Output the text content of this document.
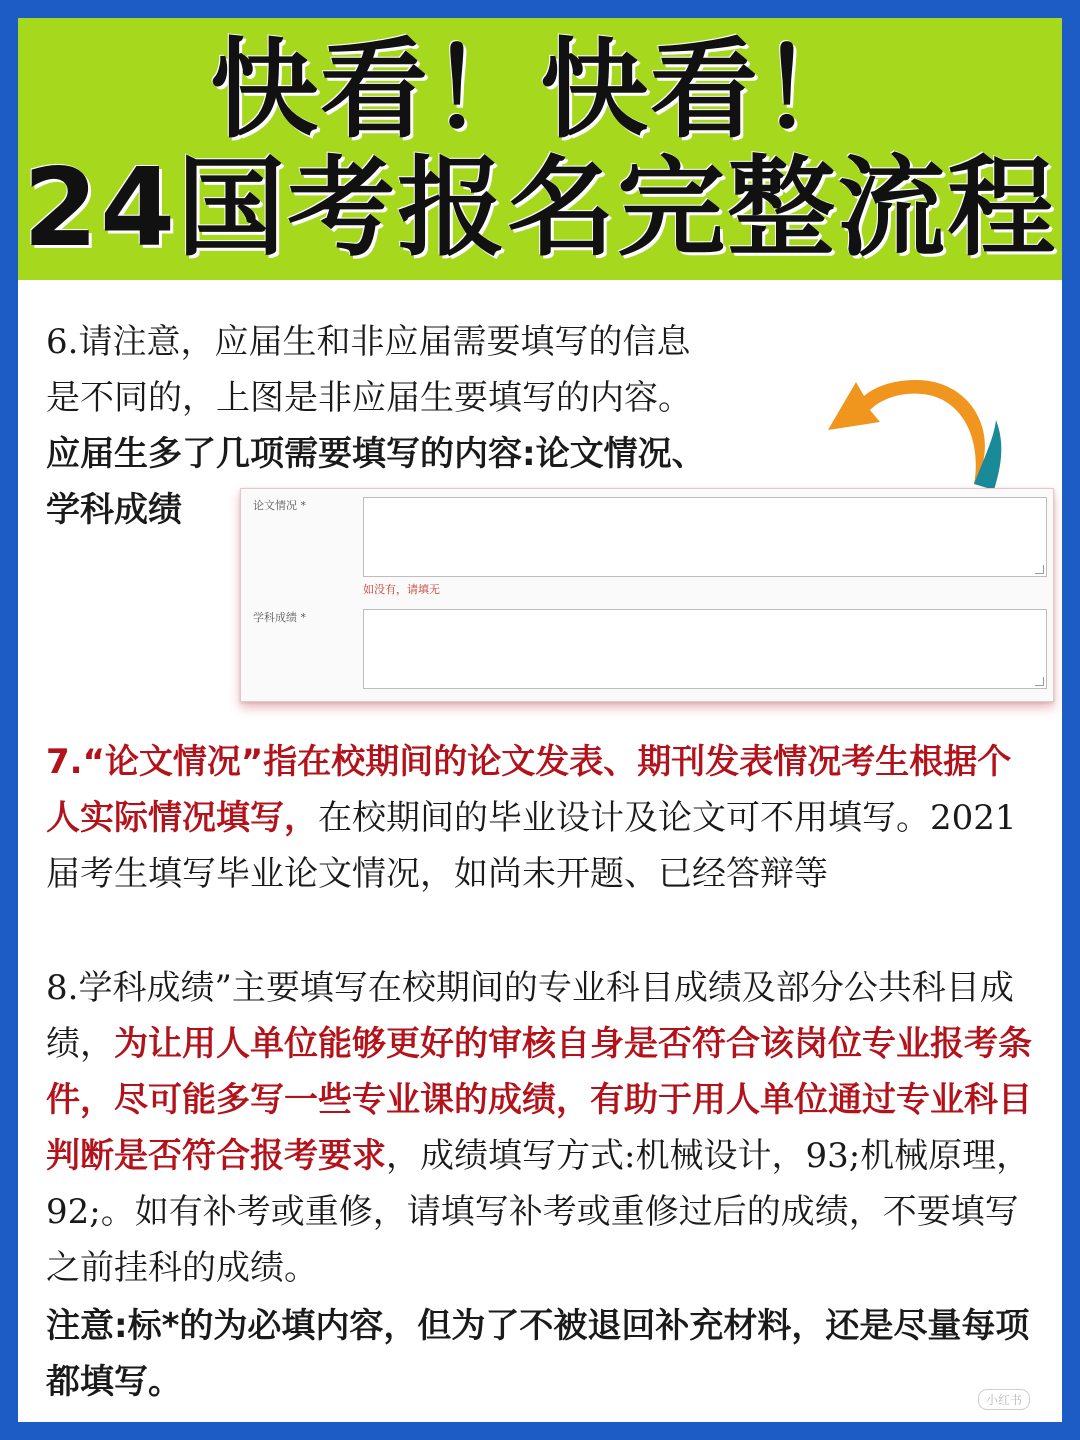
快看！快看！
24国考报名完整流程
6.请注意，应届生和非应届需要填写的信息
是不同的，上图是非应届生要填写的内容。
应届生多了几项需要填写的内容:论文情况、
学科成绩	论文情况 *
如没有，请填无
学科成绩 *
7.“论文情况”指在校期间的论文发表、期刊发表情况考生根据个人实际情况填写，在校期间的毕业设计及论文可不用填写。2021届考生填写毕业论文情况，如尚未开题、已经答辩等
8.学科成绩”主要填写在校期间的专业科目成绩及部分公共科目成绩，为让用人单位能够更好的审核自身是否符合该岗位专业报考条件，尽可能多写一些专业课的成绩，有助于用人单位通过专业科目判断是否符合报考要求，成绩填写方式:机械设计，93;机械原理，92;。如有补考或重修，请填写补考或重修过后的成绩，不要填写之前挂科的成绩。
注意:标*的为必填内容，但为了不被退回补充材料，还是尽量每项都填写。	小红书
